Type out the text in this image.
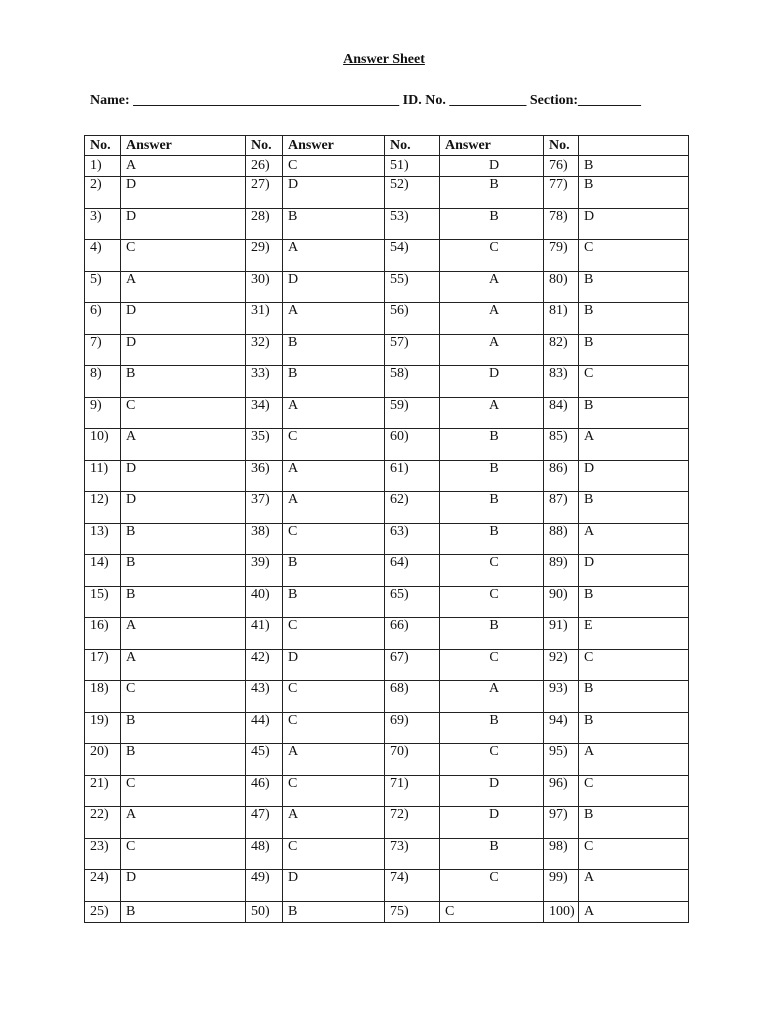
Answer Sheet
Name: ______________________________________ ID. No. ___________ Section:_________
No.	Answer	No.	Answer	No.	Answer	No.	
1)	A	26)	C	51)	D	76)	B
2)	D	27)	D	52)	B	77)	B
3)	D	28)	B	53)	B	78)	D
4)	C	29)	A	54)	C	79)	C
5)	A	30)	D	55)	A	80)	B
6)	D	31)	A	56)	A	81)	B
7)	D	32)	B	57)	A	82)	B
8)	B	33)	B	58)	D	83)	C
9)	C	34)	A	59)	A	84)	B
10)	A	35)	C	60)	B	85)	A
11)	D	36)	A	61)	B	86)	D
12)	D	37)	A	62)	B	87)	B
13)	B	38)	C	63)	B	88)	A
14)	B	39)	B	64)	C	89)	D
15)	B	40)	B	65)	C	90)	B
16)	A	41)	C	66)	B	91)	E
17)	A	42)	D	67)	C	92)	C
18)	C	43)	C	68)	A	93)	B
19)	B	44)	C	69)	B	94)	B
20)	B	45)	A	70)	C	95)	A
21)	C	46)	C	71)	D	96)	C
22)	A	47)	A	72)	D	97)	B
23)	C	48)	C	73)	B	98)	C
24)	D	49)	D	74)	C	99)	A
25)	B	50)	B	75)	C	100)	A
